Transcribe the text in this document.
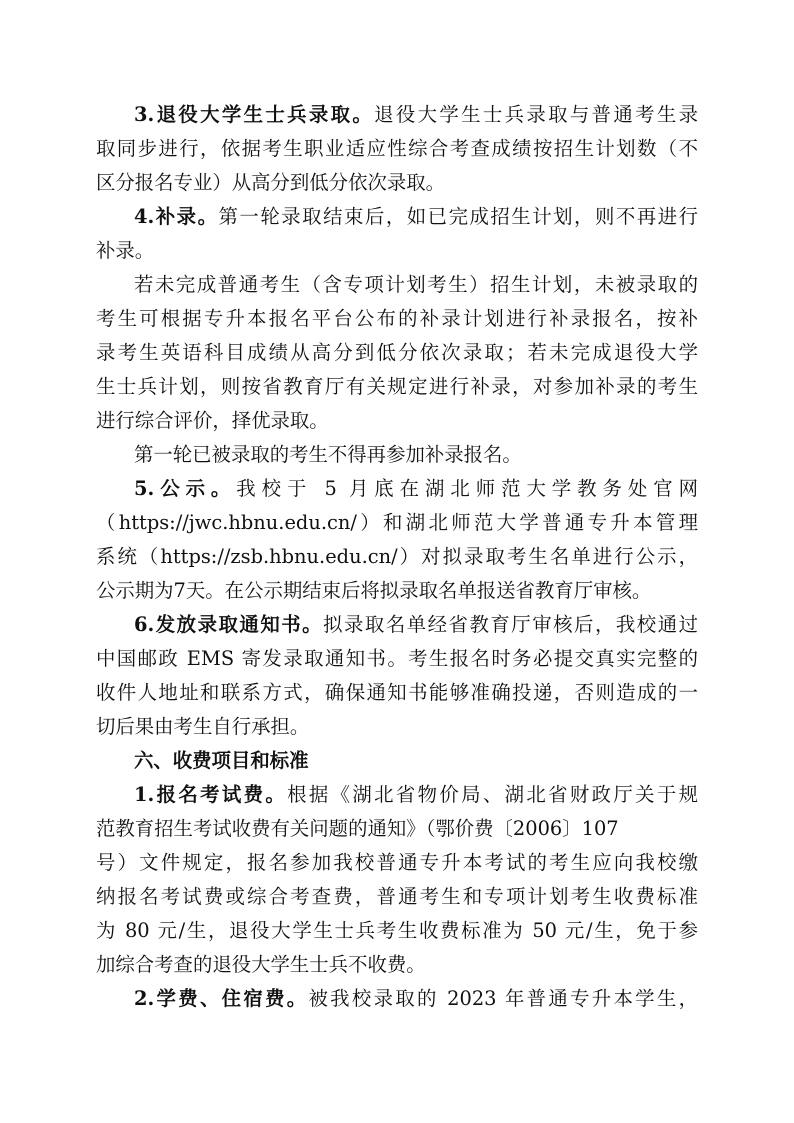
3.退役大学生士兵录取。退役大学生士兵录取与普通考生录
取同步进行，依据考生职业适应性综合考查成绩按招生计划数（不
区分报名专业）从高分到低分依次录取。
4.补录。第一轮录取结束后，如已完成招生计划，则不再进行
补录。
若未完成普通考生（含专项计划考生）招生计划，未被录取的
考生可根据专升本报名平台公布的补录计划进行补录报名，按补
录考生英语科目成绩从高分到低分依次录取；若未完成退役大学
生士兵计划，则按省教育厅有关规定进行补录，对参加补录的考生
进行综合评价，择优录取。
第一轮已被录取的考生不得再参加补录报名。
5.公示。我校于 5 月底在湖北师范大学教务处官网
（https://jwc.hbnu.edu.cn/）和湖北师范大学普通专升本管理
系统（https://zsb.hbnu.edu.cn/）对拟录取考生名单进行公示，
公示期为7天。在公示期结束后将拟录取名单报送省教育厅审核。
6.发放录取通知书。拟录取名单经省教育厅审核后，我校通过
中国邮政 EMS 寄发录取通知书。考生报名时务必提交真实完整的
收件人地址和联系方式，确保通知书能够准确投递，否则造成的一
切后果由考生自行承担。
六、收费项目和标准
1.报名考试费。根据《湖北省物价局、湖北省财政厅关于规
范教育招生考试收费有关问题的通知》（鄂价费〔2006〕107
号）文件规定，报名参加我校普通专升本考试的考生应向我校缴
纳报名考试费或综合考查费，普通考生和专项计划考生收费标准
为 80 元/生，退役大学生士兵考生收费标准为 50 元/生，免于参
加综合考查的退役大学生士兵不收费。
2.学费、住宿费。被我校录取的 2023 年普通专升本学生，
